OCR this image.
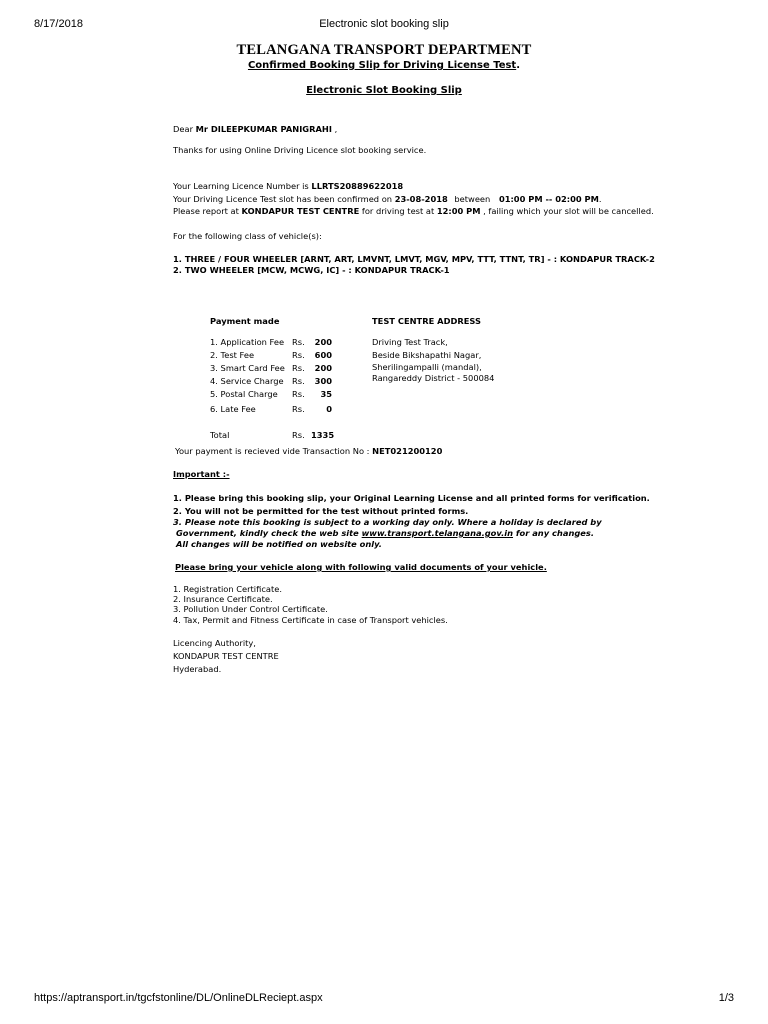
8/17/2018	Electronic slot booking slip
https://aptransport.in/tgcfstonline/DL/OnlineDLReciept.aspx	1/3
TELANGANA TRANSPORT DEPARTMENT
Confirmed Booking Slip for Driving License Test.
Electronic Slot Booking Slip
Dear Mr DILEEPKUMAR PANIGRAHI ,
Thanks for using Online Driving Licence slot booking service.
Your Learning Licence Number is LLRTS20889622018
Your Driving Licence Test slot has been confirmed on 23-08-2018 between 01:00 PM -- 02:00 PM.
Please report at KONDAPUR TEST CENTRE for driving test at 12:00 PM , failing which your slot will be cancelled.
For the following class of vehicle(s):
1. THREE / FOUR WHEELER [ARNT, ART, LMVNT, LMVT, MGV, MPV, TTT, TTNT, TR] - : KONDAPUR TRACK-2
2. TWO WHEELER [MCW, MCWG, IC] - : KONDAPUR TRACK-1
Payment made
1. Application Fee Rs.	200
2. Test Fee	Rs.	600
3. Smart Card Fee Rs.	200
4. Service Charge Rs.	300
5. Postal Charge Rs.	35
6. Late Fee	Rs.	0
Total	Rs. 1335
Your payment is recieved vide Transaction No : NET021200120
TEST CENTRE ADDRESS
Driving Test Track,
Beside Bikshapathi Nagar,
Sherilingampalli (mandal),
Rangareddy District - 500084
Important :-
1. Please bring this booking slip, your Original Learning License and all printed forms for verification.
2. You will not be permitted for the test without printed forms.
3. Please note this booking is subject to a working day only. Where a holiday is declared by
Government, kindly check the web site www.transport.telangana.gov.in for any changes.
All changes will be notified on website only.
Please bring your vehicle along with following valid documents of your vehicle.
1. Registration Certificate.
2. Insurance Certificate.
3. Pollution Under Control Certificate.
4. Tax, Permit and Fitness Certificate in case of Transport vehicles.
Licencing Authority,
KONDAPUR TEST CENTRE
Hyderabad.
